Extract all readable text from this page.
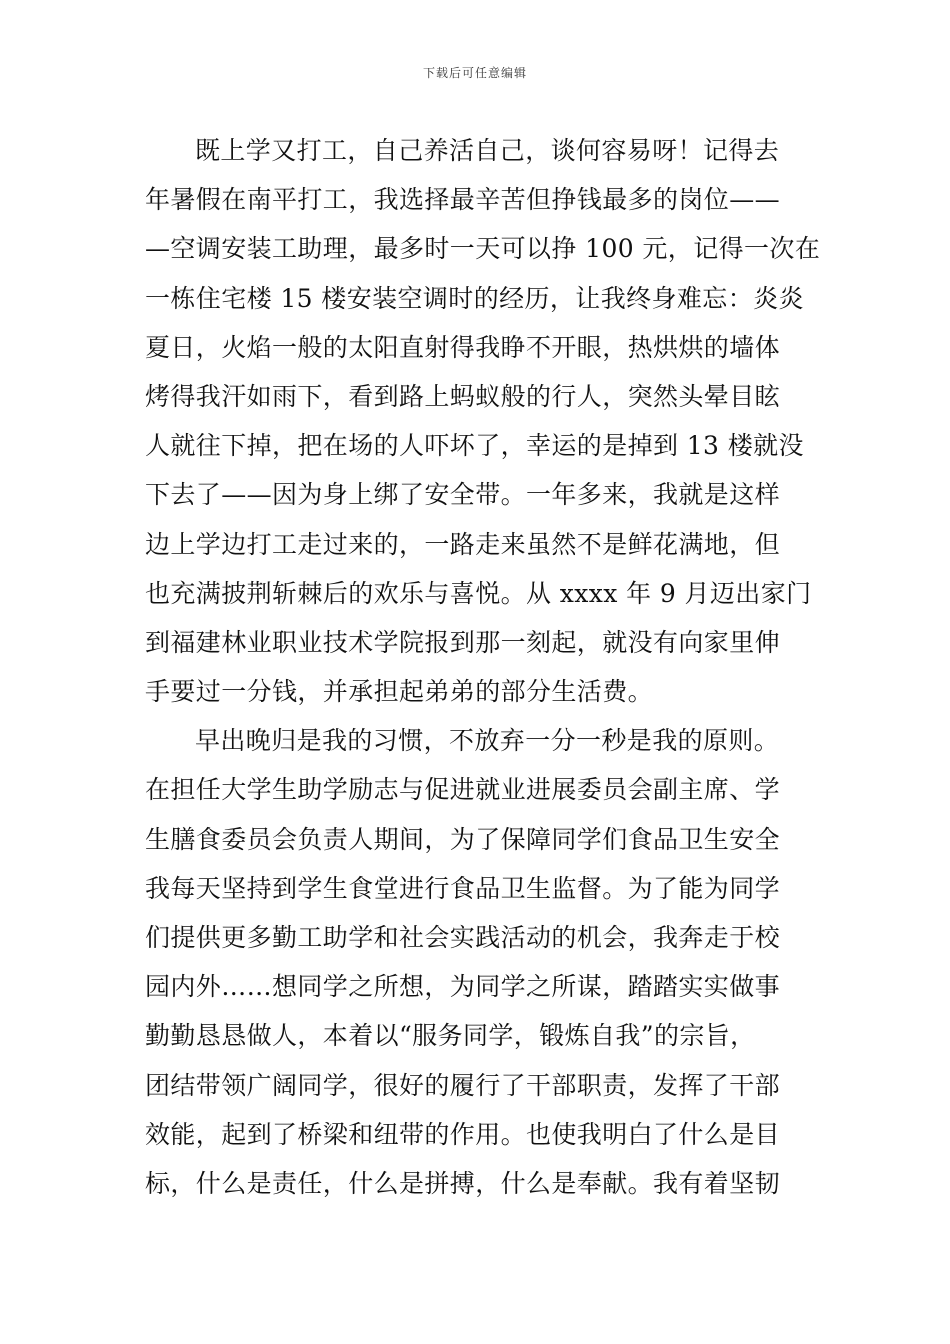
下载后可任意编辑
既上学又打工，自己养活自己，谈何容易呀！记得去
年暑假在南平打工，我选择最辛苦但挣钱最多的岗位——
—空调安装工助理，最多时一天可以挣 100 元，记得一次在
一栋住宅楼 15 楼安装空调时的经历，让我终身难忘：炎炎
夏日，火焰一般的太阳直射得我睁不开眼，热烘烘的墙体
烤得我汗如雨下，看到路上蚂蚁般的行人，突然头晕目眩
人就往下掉，把在场的人吓坏了，幸运的是掉到 13 楼就没
下去了——因为身上绑了安全带。一年多来，我就是这样
边上学边打工走过来的，一路走来虽然不是鲜花满地，但
也充满披荆斩棘后的欢乐与喜悦。从 xxxx 年 9 月迈出家门
到福建林业职业技术学院报到那一刻起，就没有向家里伸
手要过一分钱，并承担起弟弟的部分生活费。
早出晚归是我的习惯，不放弃一分一秒是我的原则。
在担任大学生助学励志与促进就业进展委员会副主席、学
生膳食委员会负责人期间，为了保障同学们食品卫生安全
我每天坚持到学生食堂进行食品卫生监督。为了能为同学
们提供更多勤工助学和社会实践活动的机会，我奔走于校
园内外……想同学之所想，为同学之所谋，踏踏实实做事
勤勤恳恳做人，本着以“服务同学，锻炼自我”的宗旨，
团结带领广阔同学，很好的履行了干部职责，发挥了干部
效能，起到了桥梁和纽带的作用。也使我明白了什么是目
标，什么是责任，什么是拼搏，什么是奉献。我有着坚韧
